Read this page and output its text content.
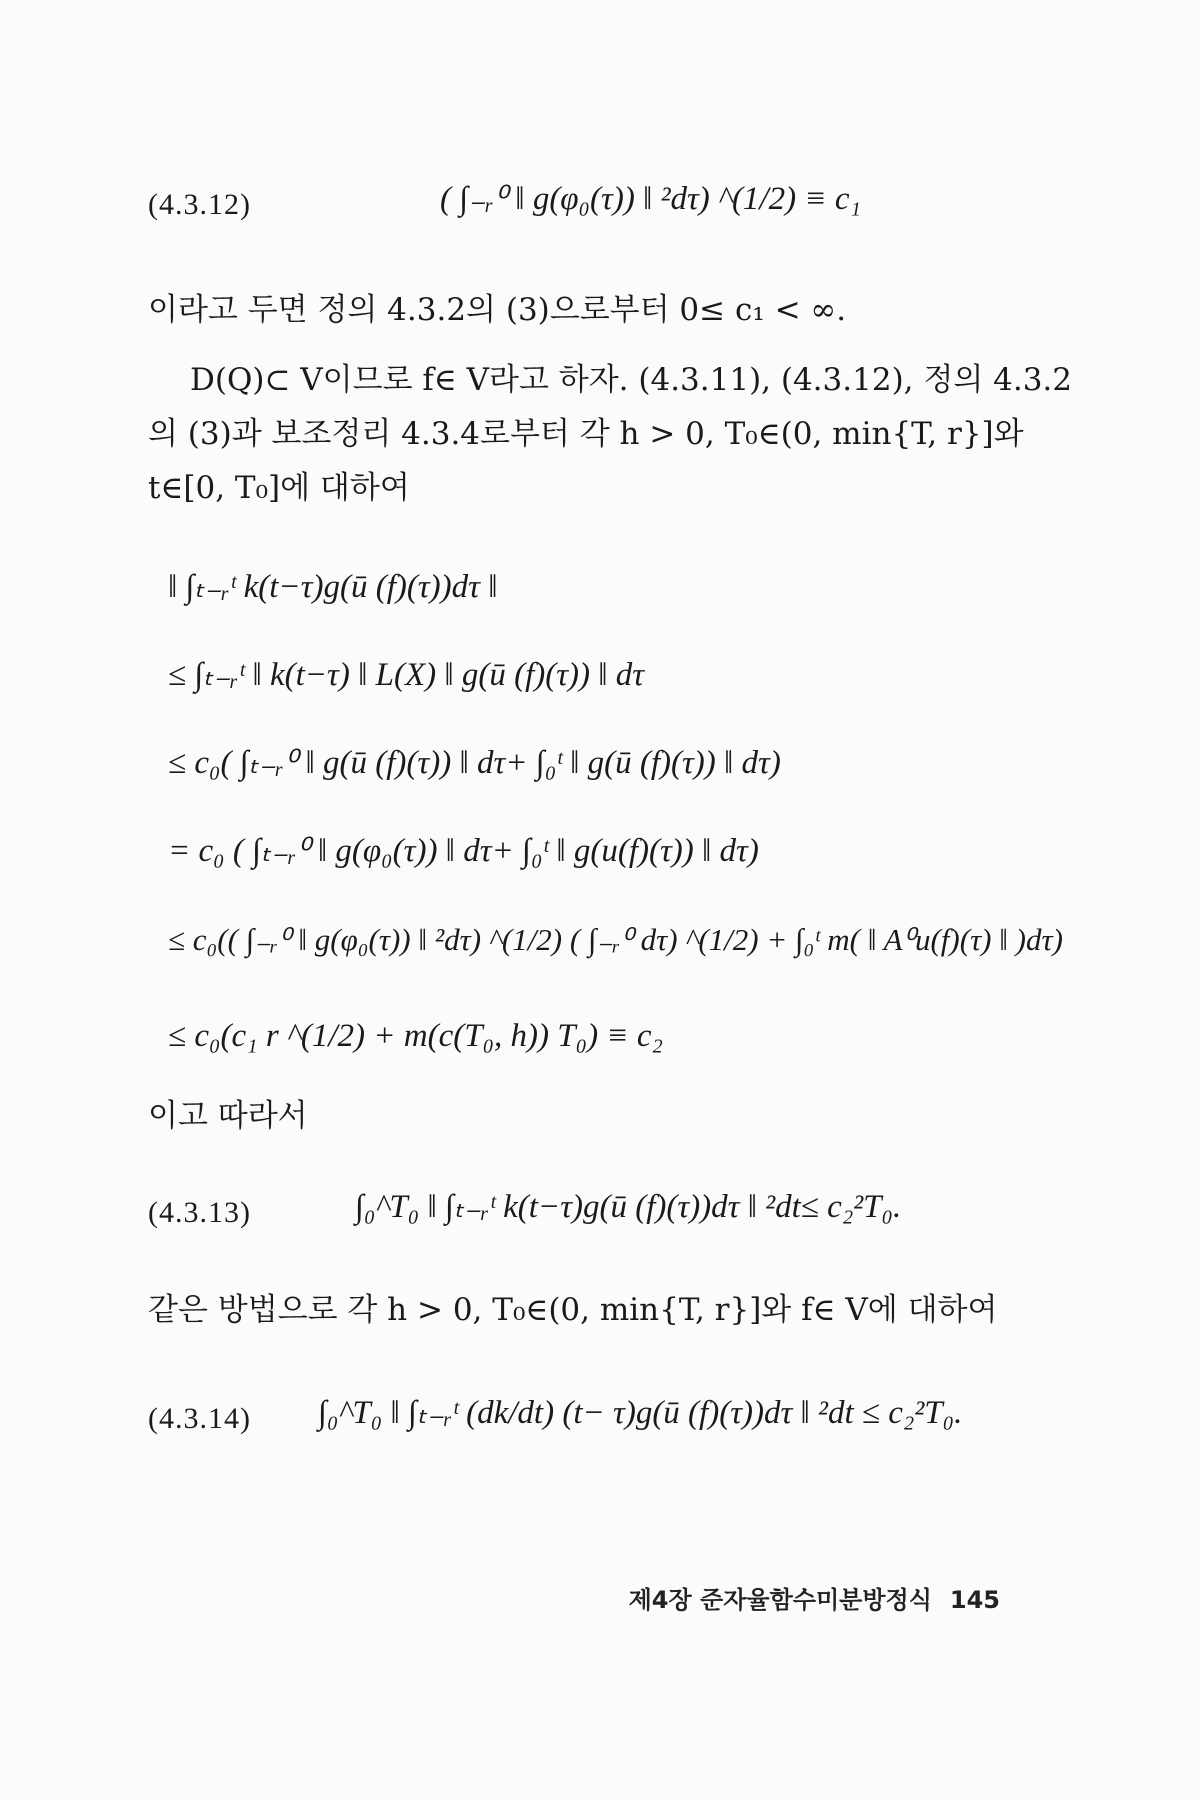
(4.3.12)	( ∫₋ᵣ⁰ ‖ g(φ₀(τ)) ‖ ²dτ) ^(1/2) ≡ c₁
이라고 두면 정의 4.3.2의 (3)으로부터 0≤ c₁ < ∞.
D(Q)⊂ V이므로 f∈ V라고 하자. (4.3.11), (4.3.12), 정의 4.3.2
의 (3)과 보조정리 4.3.4로부터 각 h > 0, T₀∈(0, min{T, r}]와
t∈[0, T₀]에 대하여
‖ ∫ₜ₋ᵣᵗ k(t−τ)g(ū (f)(τ))dτ ‖
≤ ∫ₜ₋ᵣᵗ ‖ k(t−τ) ‖ L(X) ‖ g(ū (f)(τ)) ‖ dτ
≤ c₀( ∫ₜ₋ᵣ⁰ ‖ g(ū (f)(τ)) ‖ dτ+ ∫₀ᵗ ‖ g(ū (f)(τ)) ‖ dτ)
= c₀ ( ∫ₜ₋ᵣ⁰ ‖ g(φ₀(τ)) ‖ dτ+ ∫₀ᵗ ‖ g(u(f)(τ)) ‖ dτ)
≤ c₀(( ∫₋ᵣ⁰ ‖ g(φ₀(τ)) ‖ ²dτ) ^(1/2) ( ∫₋ᵣ⁰ dτ) ^(1/2) + ∫₀ᵗ m( ‖ A⁰u(f)(τ) ‖ )dτ)
≤ c₀(c₁ r ^(1/2) + m(c(T₀, h)) T₀) ≡ c₂
이고 따라서
(4.3.13)	∫₀^T₀ ‖ ∫ₜ₋ᵣᵗ k(t−τ)g(ū (f)(τ))dτ ‖ ²dt≤ c₂²T₀.
같은 방법으로 각 h > 0, T₀∈(0, min{T, r}]와 f∈ V에 대하여
(4.3.14) ∫₀^T₀ ‖ ∫ₜ₋ᵣᵗ (dk/dt) (t− τ)g(ū (f)(τ))dτ ‖ ²dt ≤ c₂²T₀.
제4장 준자율함수미분방정식 145
